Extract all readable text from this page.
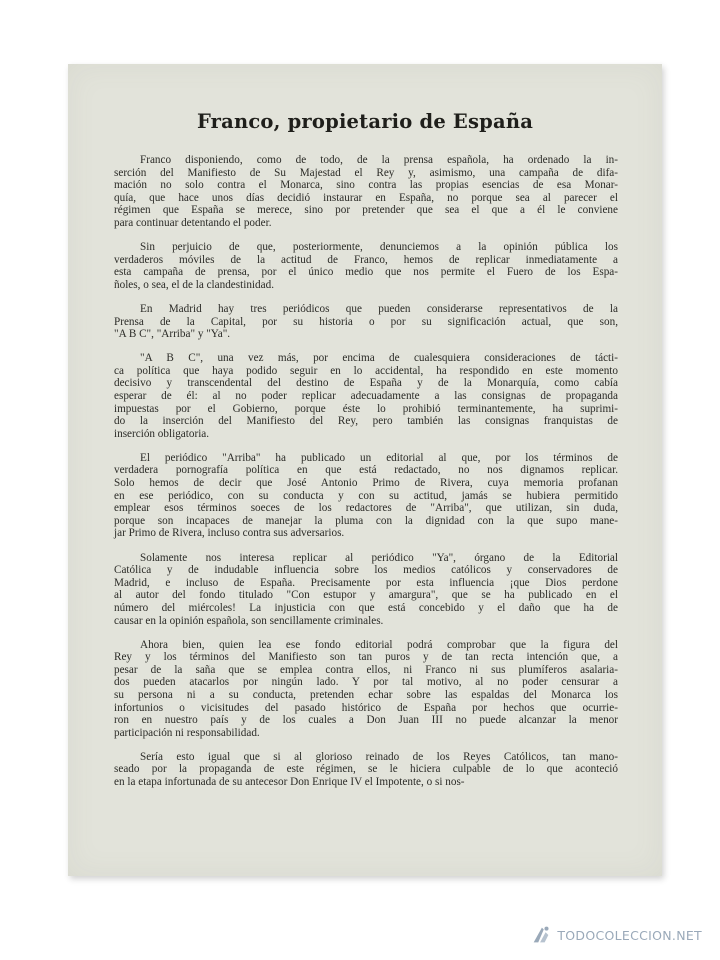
Franco, propietario de España

Franco disponiendo, como de todo, de la prensa española, ha ordenado la in-
serción del Manifiesto de Su Majestad el Rey y, asimismo, una campaña de difa-
mación no solo contra el Monarca, sino contra las propias esencias de esa Monar-
quía, que hace unos días decidió instaurar en España, no porque sea al parecer el
régimen que España se merece, sino por pretender que sea el que a él le conviene
para continuar detentando el poder.

Sin perjuicio de que, posteriormente, denunciemos a la opinión pública los
verdaderos móviles de la actitud de Franco, hemos de replicar inmediatamente a
esta campaña de prensa, por el único medio que nos permite el Fuero de los Espa-
ñoles, o sea, el de la clandestinidad.

En Madrid hay tres periódicos que pueden considerarse representativos de la
Prensa de la Capital, por su historia o por su significación actual, que son,
"A B C", "Arriba" y "Ya".

"A B C", una vez más, por encima de cualesquiera consideraciones de tácti-
ca política que haya podido seguir en lo accidental, ha respondido en este momento
decisivo y transcendental del destino de España y de la Monarquía, como cabía
esperar de él: al no poder replicar adecuadamente a las consignas de propaganda
impuestas por el Gobierno, porque éste lo prohibió terminantemente, ha suprimi-
do la inserción del Manifiesto del Rey, pero también las consignas franquistas de
inserción obligatoria.

El periódico "Arriba" ha publicado un editorial al que, por los términos de
verdadera pornografía política en que está redactado, no nos dignamos replicar.
Solo hemos de decir que José Antonio Primo de Rivera, cuya memoria profanan
en ese periódico, con su conducta y con su actitud, jamás se hubiera permitido
emplear esos términos soeces de los redactores de "Arriba", que utilizan, sin duda,
porque son incapaces de manejar la pluma con la dignidad con la que supo mane-
jar Primo de Rivera, incluso contra sus adversarios.

Solamente nos interesa replicar al periódico "Ya", órgano de la Editorial
Católica y de indudable influencia sobre los medios católicos y conservadores de
Madrid, e incluso de España. Precisamente por esta influencia ¡que Dios perdone
al autor del fondo titulado "Con estupor y amargura", que se ha publicado en el
número del miércoles! La injusticia con que está concebido y el daño que ha de
causar en la opinión española, son sencillamente criminales.

Ahora bien, quien lea ese fondo editorial podrá comprobar que la figura del
Rey y los términos del Manifiesto son tan puros y de tan recta intención que, a
pesar de la saña que se emplea contra ellos, ni Franco ni sus plumíferos asalaria-
dos pueden atacarlos por ningún lado. Y por tal motivo, al no poder censurar a
su persona ni a su conducta, pretenden echar sobre las espaldas del Monarca los
infortunios o vicisitudes del pasado histórico de España por hechos que ocurrie-
ron en nuestro país y de los cuales a Don Juan III no puede alcanzar la menor
participación ni responsabilidad.

Sería esto igual que si al glorioso reinado de los Reyes Católicos, tan mano-
seado por la propaganda de este régimen, se le hiciera culpable de lo que aconteció
en la etapa infortunada de su antecesor Don Enrique IV el Impotente, o si nos-

TODOCOLECCION.NET
